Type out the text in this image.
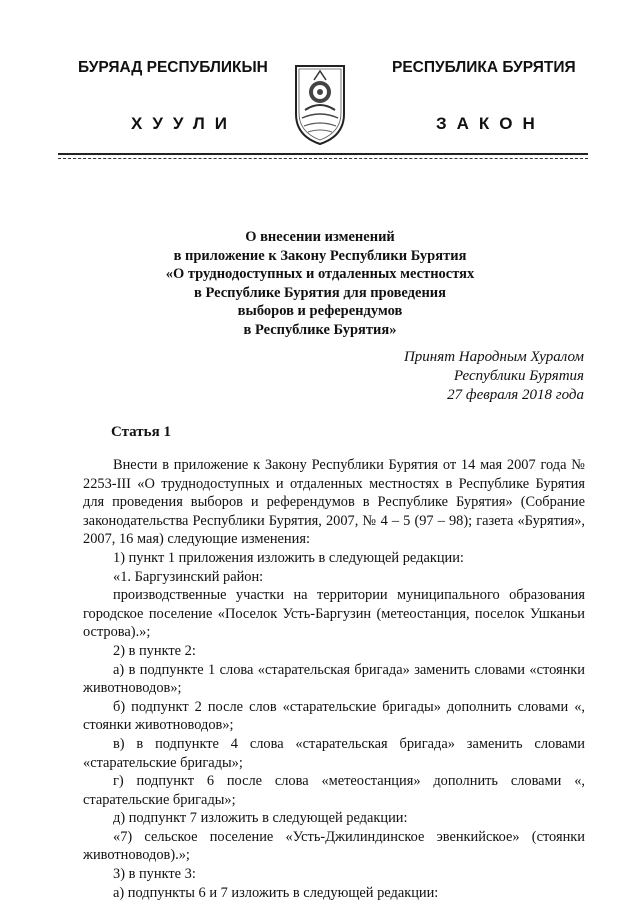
БУРЯАД РЕСПУБЛИКЫН	РЕСПУБЛИКА БУРЯТИЯ
ХУУЛИ	ЗАКОН
О внесении изменений
в приложение к Закону Республики Бурятия
«О труднодоступных и отдаленных местностях
в Республике Бурятия для проведения
выборов и референдумов
в Республике Бурятия»
Принят Народным Хуралом
Республики Бурятия
27 февраля 2018 года
Статья 1

Внести в приложение к Закону Республики Бурятия от 14 мая 2007 года № 2253-III «О труднодоступных и отдаленных местностях в Республике Бурятия для проведения выборов и референдумов в Республике Бурятия» (Собрание законодательства Республики Бурятия, 2007, № 4 – 5 (97 – 98); газета «Бурятия», 2007, 16 мая) следующие изменения:

1) пункт 1 приложения изложить в следующей редакции:

«1. Баргузинский район:

производственные участки на территории муниципального образования городское поселение «Поселок Усть-Баргузин (метеостанция, поселок Ушканьи острова).»;

2) в пункте 2:

а) в подпункте 1 слова «старательская бригада» заменить словами «стоянки животноводов»;

б) подпункт 2 после слов «старательские бригады» дополнить словами «, стоянки животноводов»;

в) в подпункте 4 слова «старательская бригада» заменить словами «старательские бригады»;

г) подпункт 6 после слова «метеостанция» дополнить словами «, старательские бригады»;

д) подпункт 7 изложить в следующей редакции:

«7) сельское поселение «Усть-Джилиндинское эвенкийское» (стоянки животноводов).»;

3) в пункте 3:

а) подпункты 6 и 7 изложить в следующей редакции:
